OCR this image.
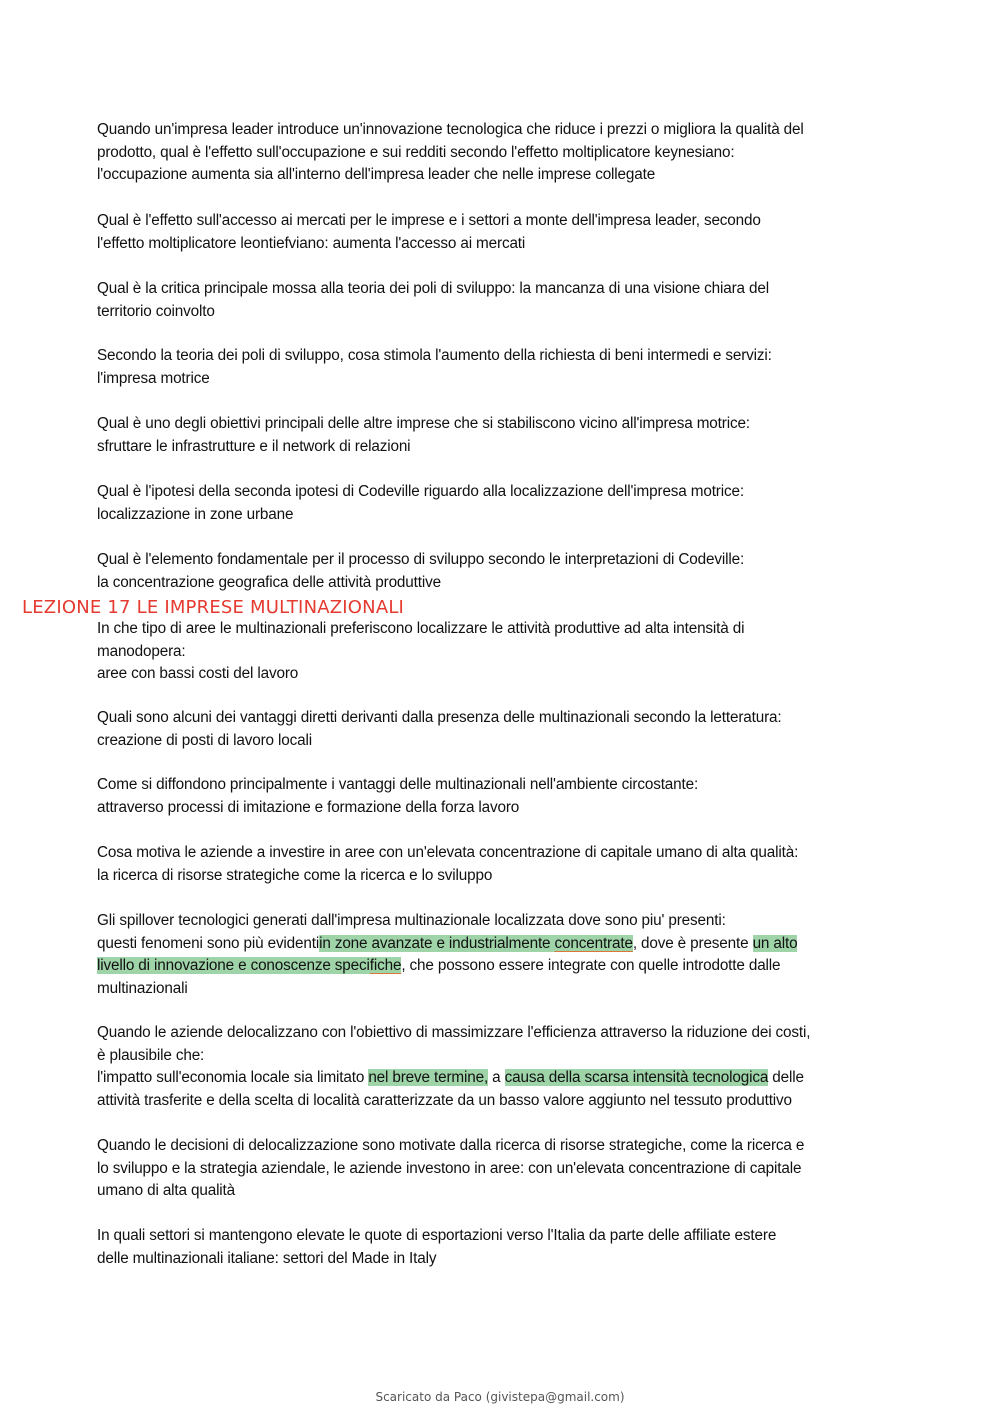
Quando un'impresa leader introduce un'innovazione tecnologica che riduce i prezzi o migliora la qualità del
prodotto, qual è l'effetto sull'occupazione e sui redditi secondo l'effetto moltiplicatore keynesiano:
l'occupazione aumenta sia all'interno dell'impresa leader che nelle imprese collegate
Qual è l'effetto sull'accesso ai mercati per le imprese e i settori a monte dell'impresa leader, secondo
l'effetto moltiplicatore leontiefviano: aumenta l'accesso ai mercati
Qual è la critica principale mossa alla teoria dei poli di sviluppo: la mancanza di una visione chiara del
territorio coinvolto
Secondo la teoria dei poli di sviluppo, cosa stimola l'aumento della richiesta di beni intermedi e servizi:
l'impresa motrice
Qual è uno degli obiettivi principali delle altre imprese che si stabiliscono vicino all'impresa motrice:
sfruttare le infrastrutture e il network di relazioni
Qual è l'ipotesi della seconda ipotesi di Codeville riguardo alla localizzazione dell'impresa motrice:
localizzazione in zone urbane
Qual è l'elemento fondamentale per il processo di sviluppo secondo le interpretazioni di Codeville:
la concentrazione geografica delle attività produttive
LEZIONE 17 LE IMPRESE MULTINAZIONALI
In che tipo di aree le multinazionali preferiscono localizzare le attività produttive ad alta intensità di
manodopera:
aree con bassi costi del lavoro
Quali sono alcuni dei vantaggi diretti derivanti dalla presenza delle multinazionali secondo la letteratura:
creazione di posti di lavoro locali
Come si diffondono principalmente i vantaggi delle multinazionali nell'ambiente circostante:
attraverso processi di imitazione e formazione della forza lavoro
Cosa motiva le aziende a investire in aree con un'elevata concentrazione di capitale umano di alta qualità:
la ricerca di risorse strategiche come la ricerca e lo sviluppo
Gli spillover tecnologici generati dall'impresa multinazionale localizzata dove sono piu' presenti:
questi fenomeni sono più evidentiin zone avanzate e industrialmente concentrate, dove è presente un alto
livello di innovazione e conoscenze specifiche, che possono essere integrate con quelle introdotte dalle
multinazionali
Quando le aziende delocalizzano con l'obiettivo di massimizzare l'efficienza attraverso la riduzione dei costi,
è plausibile che:
l'impatto sull'economia locale sia limitato nel breve termine, a causa della scarsa intensità tecnologica delle
attività trasferite e della scelta di località caratterizzate da un basso valore aggiunto nel tessuto produttivo
Quando le decisioni di delocalizzazione sono motivate dalla ricerca di risorse strategiche, come la ricerca e
lo sviluppo e la strategia aziendale, le aziende investono in aree: con un'elevata concentrazione di capitale
umano di alta qualità
In quali settori si mantengono elevate le quote di esportazioni verso l'Italia da parte delle affiliate estere
delle multinazionali italiane: settori del Made in Italy
Scaricato da Paco (givistepa@gmail.com)
